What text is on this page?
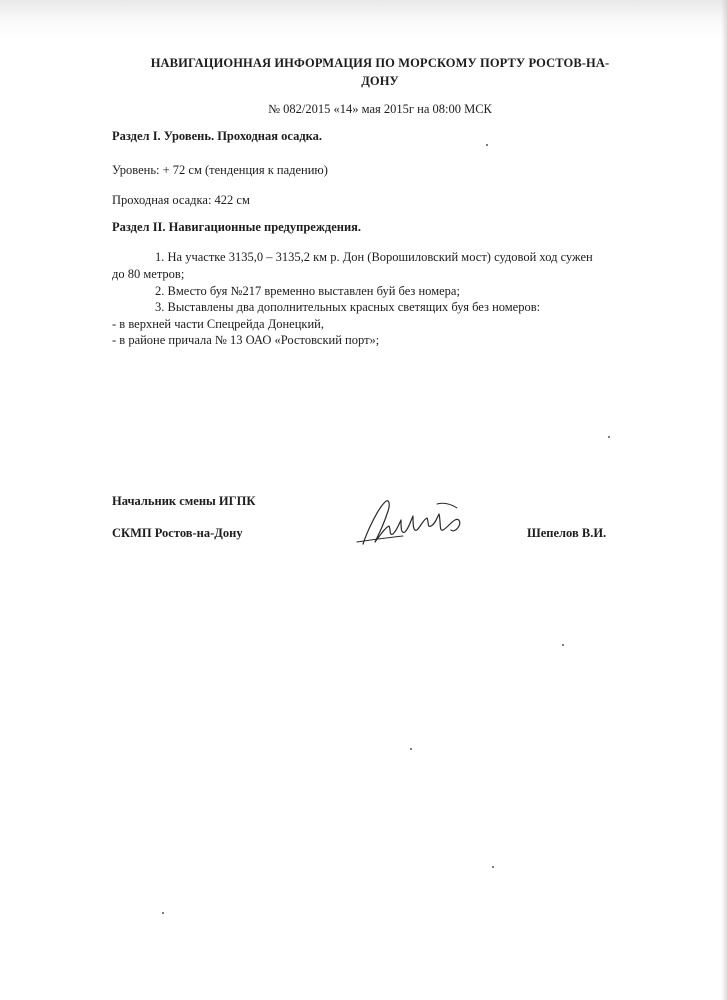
НАВИГАЦИОННАЯ ИНФОРМАЦИЯ ПО МОРСКОМУ ПОРТУ РОСТОВ-НА-
ДОНУ
№ 082/2015 «14» мая 2015г на 08:00 МСК
Раздел I. Уровень. Проходная осадка.
Уровень: + 72 см (тенденция к падению)
Проходная осадка: 422 см
Раздел II. Навигационные предупреждения.
1. На участке 3135,0 – 3135,2 км р. Дон (Ворошиловский мост) судовой ход сужен
до 80 метров;
2. Вместо буя №217 временно выставлен буй без номера;
3. Выставлены два дополнительных красных светящих буя без номеров:
- в верхней части Спецрейда Донецкий,
- в районе причала № 13 ОАО «Ростовский порт»;
Начальник смены ИГПК
СКМП Ростов-на-Дону	Шепелов В.И.
